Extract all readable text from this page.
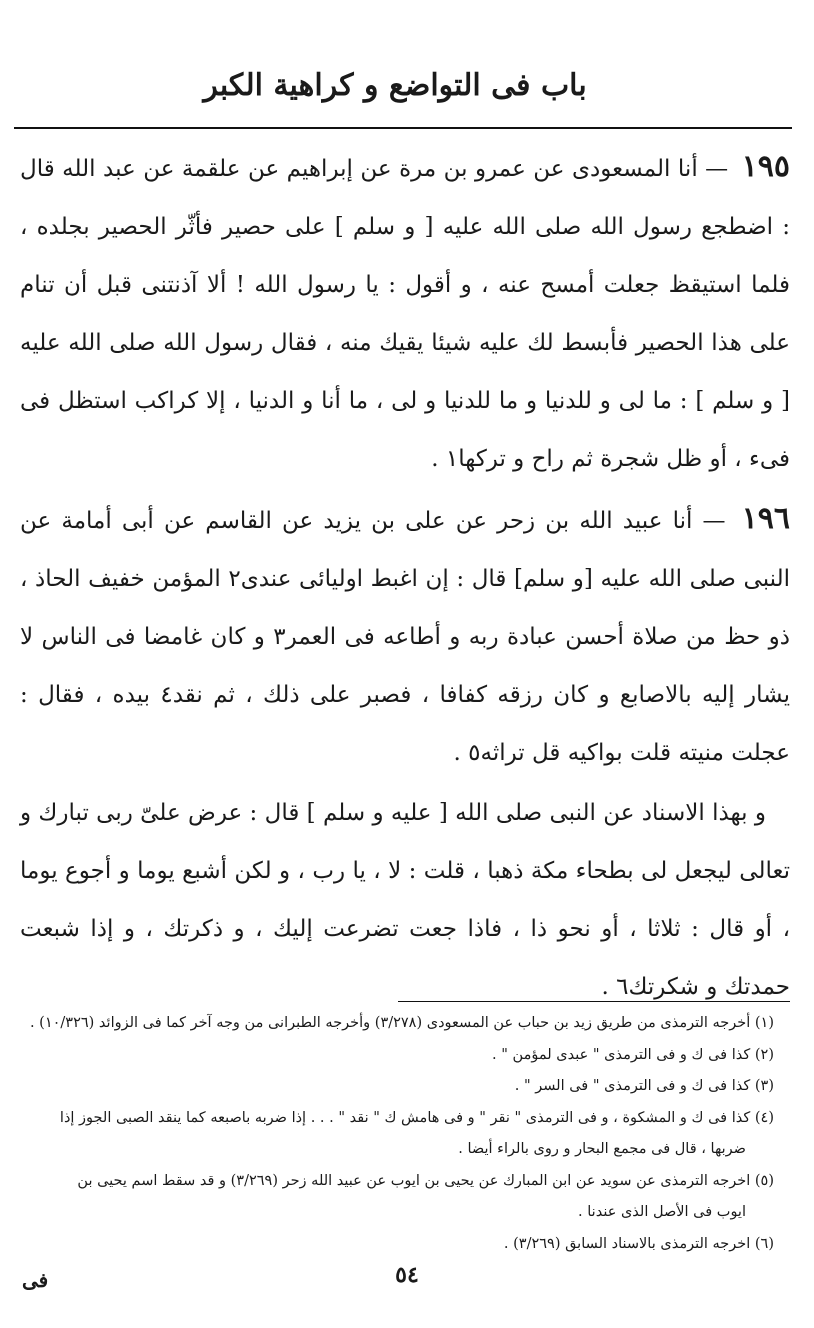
باب فى التواضع و كراهية الكبر

١٩٥ — أنا المسعودى عن عمرو بن مرة عن إبراهيم عن علقمة عن عبد الله قال : اضطجع رسول الله صلى الله عليه [ و سلم ] على حصير فأثّر الحصير بجلده ، فلما استيقظ جعلت أمسح عنه ، و أقول : يا رسول الله ! ألا آذنتنى قبل أن تنام على هذا الحصير فأبسط لك عليه شيئا يقيك منه ، فقال رسول الله صلى الله عليه [ و سلم ] : ما لى و للدنيا و ما للدنيا و لى ، ما أنا و الدنيا ، إلا كراكب استظل فى فىء ، أو ظل شجرة ثم راح و تركها١ .

١٩٦ — أنا عبيد الله بن زحر عن على بن يزيد عن القاسم عن أبى أمامة عن النبى صلى الله عليه [و سلم] قال : إن اغبط اوليائى عندى٢ المؤمن خفيف الحاذ ، ذو حظ من صلاة أحسن عبادة ربه و أطاعه فى العمر٣ و كان غامضا فى الناس لا يشار إليه بالاصابع و كان رزقه كفافا ، فصبر على ذلك ، ثم نقد٤ بيده ، فقال : عجلت منيته قلت بواكيه قل تراثه٥ .

و بهذا الاسناد عن النبى صلى الله [ عليه و سلم ] قال : عرض علىّ ربى تبارك و تعالى ليجعل لى بطحاء مكة ذهبا ، قلت : لا ، يا رب ، و لكن أشبع يوما و أجوع يوما ، أو قال : ثلاثا ، أو نحو ذا ، فاذا جعت تضرعت إليك ، و ذكرتك ، و إذا شبعت حمدتك و شكرتك٦ .

(١) أخرجه الترمذى من طريق زيد بن حباب عن المسعودى (٣/٢٧٨) وأخرجه الطبرانى من وجه آخر كما فى الزوائد (١٠/٣٢٦) .

(٢) كذا فى ك و فى الترمذى " عبدى لمؤمن " .

(٣) كذا فى ك و فى الترمذى " فى السر " .

(٤) كذا فى ك و المشكوة ، و فى الترمذى " نقر " و فى هامش ك " نقد " . . . إذا ضربه باصبعه كما ينقد الصبى الجوز إذا

ضربها ، قال فى مجمع البحار و روى بالراء أيضا .

(٥) اخرجه الترمذى عن سويد عن ابن المبارك عن يحيى بن ايوب عن عبيد الله زحر (٣/٢٦٩) و قد سقط اسم يحيى بن

ايوب فى الأصل الذى عندنا .

(٦) اخرجه الترمذى بالاسناد السابق (٣/٢٦٩) .

٥٤
فى
